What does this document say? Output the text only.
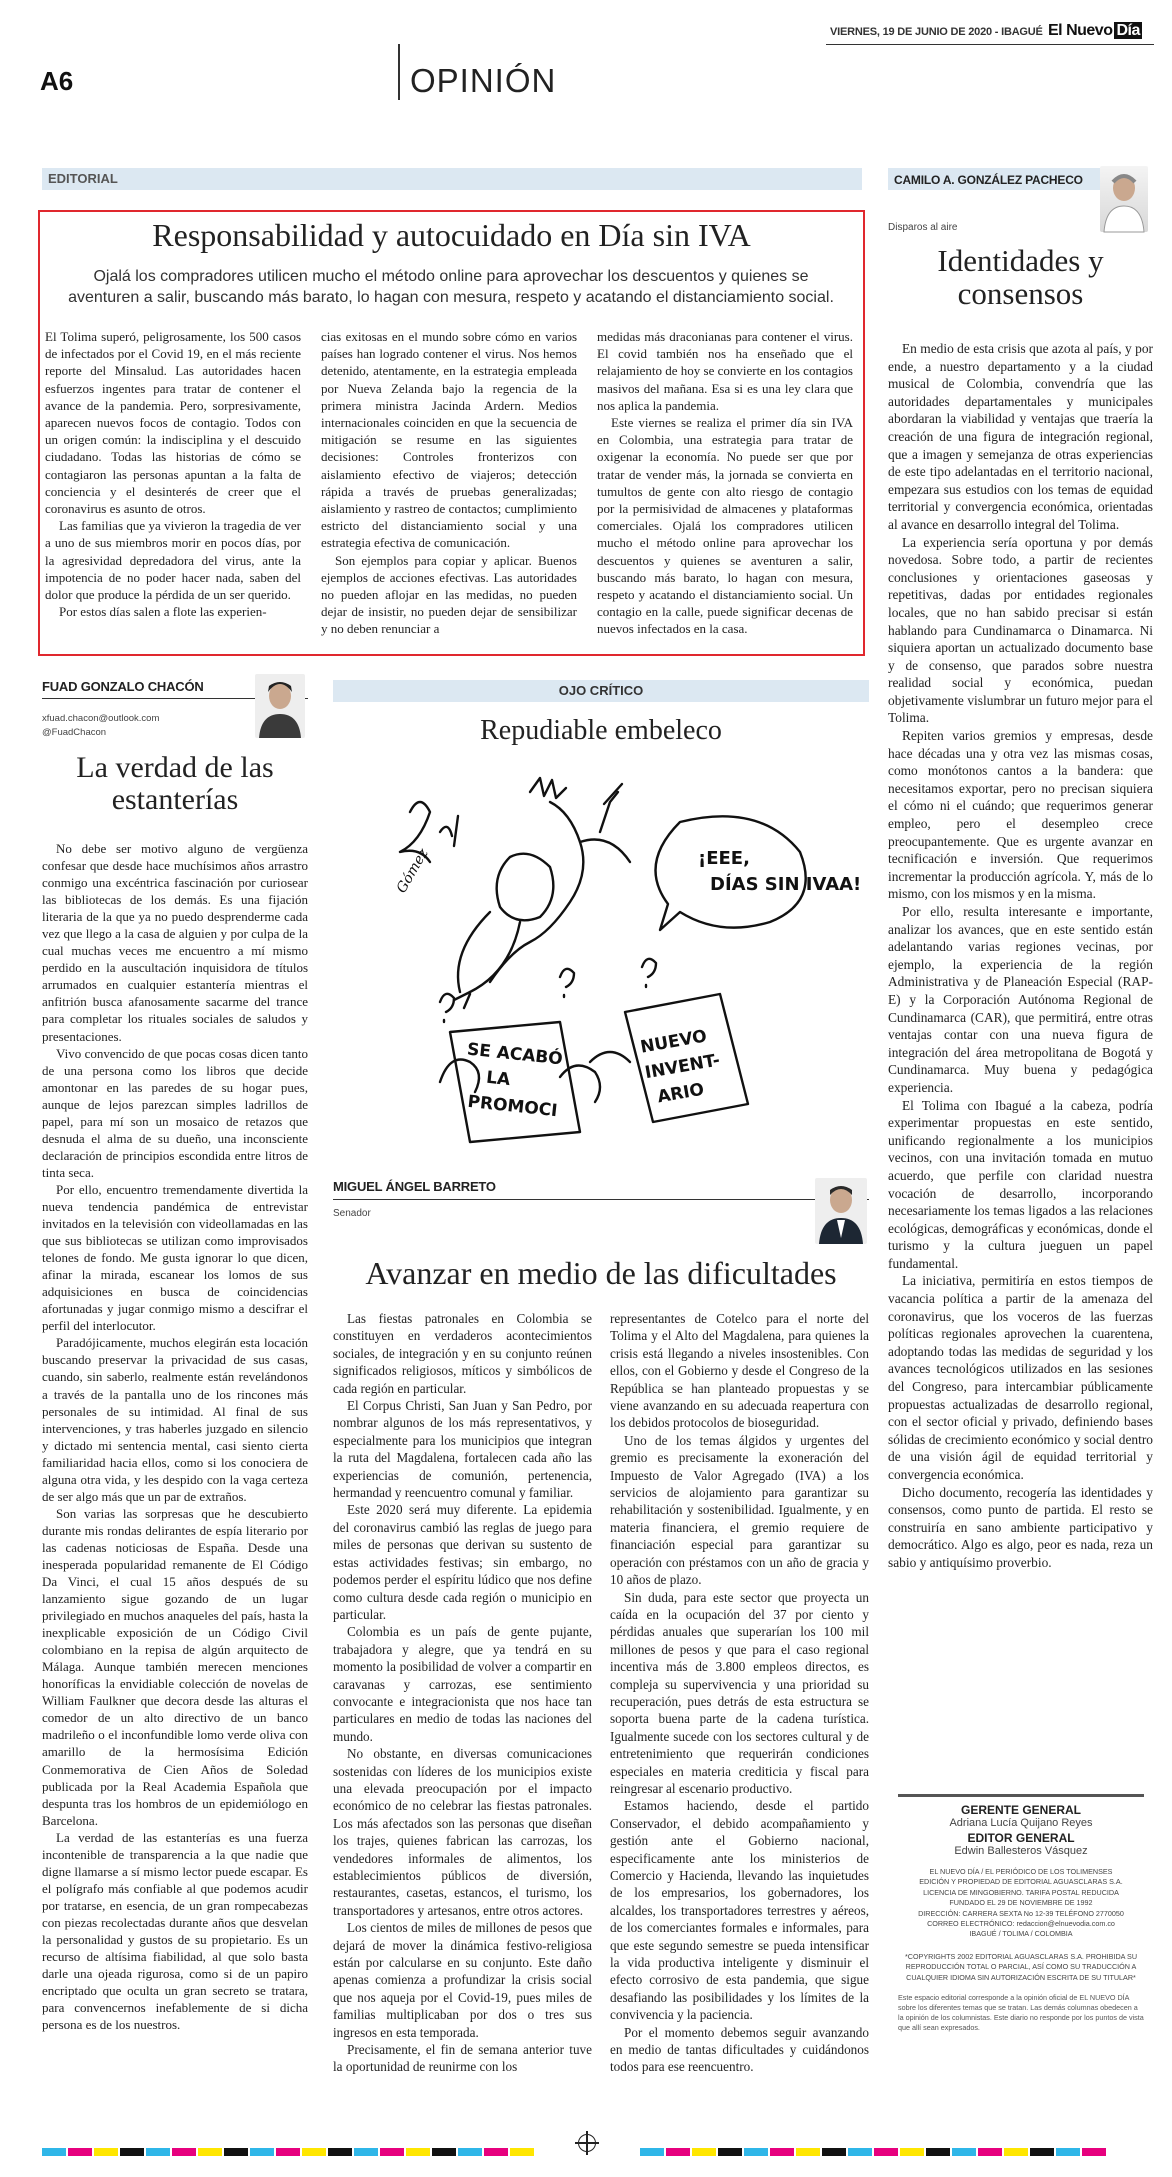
VIERNES, 19 DE JUNIO DE 2020 - IBAGUÉ El Nuevo Día
A6	OPINIÓN
EDITORIAL
Responsabilidad y autocuidado en Día sin IVA
Ojalá los compradores utilicen mucho el método online para aprovechar los descuentos y quienes se aventuren a salir, buscando más barato, lo hagan con mesura, respeto y acatando el distanciamiento social.

El Tolima superó, peligrosamente, los 500 casos de infectados por el Covid 19, en el más reciente reporte del Minsalud. Las autoridades hacen esfuerzos ingentes para tratar de contener el avance de la pandemia. Pero, sorpresivamente, aparecen nuevos focos de contagio. Todos con un origen común: la indisciplina y el descuido ciudadano. Todas las historias de cómo se contagiaron las personas apuntan a la falta de conciencia y el desinterés de creer que el coronavirus es asunto de otros.

Las familias que ya vivieron la tragedia de ver a uno de sus miembros morir en pocos días, por la agresividad depredadora del virus, ante la impotencia de no poder hacer nada, saben del dolor que produce la pérdida de un ser querido.

Por estos días salen a flote las experien-

cias exitosas en el mundo sobre cómo en varios países han logrado contener el virus. Nos hemos detenido, atentamente, en la estrategia empleada por Nueva Zelanda bajo la regencia de la primera ministra Jacinda Ardern. Medios internacionales coinciden en que la secuencia de mitigación se resume en las siguientes decisiones: Controles fronterizos con aislamiento efectivo de viajeros; detección rápida a través de pruebas generalizadas; aislamiento y rastreo de contactos; cumplimiento estricto del distanciamiento social y una estrategia efectiva de comunicación.

Son ejemplos para copiar y aplicar. Buenos ejemplos de acciones efectivas. Las autoridades no pueden aflojar en las medidas, no pueden dejar de insistir, no pueden dejar de sensibilizar y no deben renunciar a

medidas más draconianas para contener el virus. El covid también nos ha enseñado que el relajamiento de hoy se convierte en los contagios masivos del mañana. Esa si es una ley clara que nos aplica la pandemia.

Este viernes se realiza el primer día sin IVA en Colombia, una estrategia para tratar de oxigenar la economía. No puede ser que por tratar de vender más, la jornada se convierta en tumultos de gente con alto riesgo de contagio por la permisividad de almacenes y plataformas comerciales. Ojalá los compradores utilicen mucho el método online para aprovechar los descuentos y quienes se aventuren a salir, buscando más barato, lo hagan con mesura, respeto y acatando el distanciamiento social. Un contagio en la calle, puede significar decenas de nuevos infectados en la casa.

CAMILO A. GONZÁLEZ PACHECO
Disparos al aire
Identidades y consensos

En medio de esta crisis que azota al país, y por ende, a nuestro departamento y a la ciudad musical de Colombia, convendría que las autoridades departamentales y municipales abordaran la viabilidad y ventajas que traería la creación de una figura de integración regional, que a imagen y semejanza de otras experiencias de este tipo adelantadas en el territorio nacional, empezara sus estudios con los temas de equidad territorial y convergencia económica, orientadas al avance en desarrollo integral del Tolima.

La experiencia sería oportuna y por demás novedosa. Sobre todo, a partir de recientes conclusiones y orientaciones gaseosas y repetitivas, dadas por entidades regionales locales, que no han sabido precisar si están hablando para Cundinamarca o Dinamarca. Ni siquiera aportan un actualizado documento base y de consenso, que parados sobre nuestra realidad social y económica, puedan objetivamente vislumbrar un futuro mejor para el Tolima.

Repiten varios gremios y empresas, desde hace décadas una y otra vez las mismas cosas, como monótonos cantos a la bandera: que necesitamos exportar, pero no precisan siquiera el cómo ni el cuándo; que requerimos generar empleo, pero el desempleo crece preocupantemente. Que es urgente avanzar en tecnificación e inversión. Que requerimos incrementar la producción agrícola. Y, más de lo mismo, con los mismos y en la misma.

Por ello, resulta interesante e importante, analizar los avances, que en este sentido están adelantando varias regiones vecinas, por ejemplo, la experiencia de la región Administrativa y de Planeación Especial (RAP-E) y la Corporación Autónoma Regional de Cundinamarca (CAR), que permitirá, entre otras ventajas contar con una nueva figura de integración del área metropolitana de Bogotá y Cundinamarca. Muy buena y pedagógica experiencia.

El Tolima con Ibagué a la cabeza, podría experimentar propuestas en este sentido, unificando regionalmente a los municipios vecinos, con una invitación tomada en mutuo acuerdo, que perfile con claridad nuestra vocación de desarrollo, incorporando necesariamente los temas ligados a las relaciones ecológicas, demográficas y económicas, donde el turismo y la cultura jueguen un papel fundamental.

La iniciativa, permitiría en estos tiempos de vacancia política a partir de la amenaza del coronavirus, que los voceros de las fuerzas políticas regionales aprovechen la cuarentena, adoptando todas las medidas de seguridad y los avances tecnológicos utilizados en las sesiones del Congreso, para intercambiar públicamente propuestas actualizadas de desarrollo regional, con el sector oficial y privado, definiendo bases sólidas de crecimiento económico y social dentro de una visión ágil de equidad territorial y convergencia económica.

Dicho documento, recogería las identidades y consensos, como punto de partida. El resto se construiría en sano ambiente participativo y democrático. Algo es algo, peor es nada, reza un sabio y antiquísimo proverbio.

GERENTE GENERAL
Adriana Lucía Quijano Reyes
EDITOR GENERAL
Edwin Ballesteros Vásquez
EL NUEVO DÍA / EL PERIÓDICO DE LOS TOLIMENSES
EDICIÓN Y PROPIEDAD DE EDITORIAL AGUASCLARAS S.A.
LICENCIA DE MINGOBIERNO. TARIFA POSTAL REDUCIDA
FUNDADO EL 29 DE NOVIEMBRE DE 1992
DIRECCIÓN: CARRERA SEXTA No 12-39 TELÉFONO 2770050
CORREO ELECTRÓNICO: redaccion@elnuevodia.com.co
IBAGUÉ / TOLIMA / COLOMBIA
*COPYRIGHTS 2002 EDITORIAL AGUASCLARAS S.A. PROHIBIDA SU REPRODUCCIÓN TOTAL O PARCIAL, ASÍ COMO SU TRADUCCIÓN A CUALQUIER IDIOMA SIN AUTORIZACIÓN ESCRITA DE SU TITULAR*
Este espacio editorial corresponde a la opinión oficial de EL NUEVO DÍA sobre los diferentes temas que se tratan. Las demás columnas obedecen a la opinión de los columnistas. Este diario no responde por los puntos de vista que allí sean expresados.
FUAD GONZALO CHACÓN
xfuad.chacon@outlook.com
@FuadChacon
La verdad de las estanterías

No debe ser motivo alguno de vergüenza confesar que desde hace muchísimos años arrastro conmigo una excéntrica fascinación por curiosear las bibliotecas de los demás. Es una fijación literaria de la que ya no puedo desprenderme cada vez que llego a la casa de alguien y por culpa de la cual muchas veces me encuentro a mí mismo perdido en la auscultación inquisidora de títulos arrumados en cualquier estantería mientras el anfitrión busca afanosamente sacarme del trance para completar los rituales sociales de saludos y presentaciones.

Vivo convencido de que pocas cosas dicen tanto de una persona como los libros que decide amontonar en las paredes de su hogar pues, aunque de lejos parezcan simples ladrillos de papel, para mí son un mosaico de retazos que desnuda el alma de su dueño, una inconsciente declaración de principios escondida entre litros de tinta seca.

Por ello, encuentro tremendamente divertida la nueva tendencia pandémica de entrevistar invitados en la televisión con videollamadas en las que sus bibliotecas se utilizan como improvisados telones de fondo. Me gusta ignorar lo que dicen, afinar la mirada, escanear los lomos de sus adquisiciones en busca de coincidencias afortunadas y jugar conmigo mismo a descifrar el perfil del interlocutor.

Paradójicamente, muchos elegirán esta locación buscando preservar la privacidad de sus casas, cuando, sin saberlo, realmente están revelándonos a través de la pantalla uno de los rincones más personales de su intimidad. Al final de sus intervenciones, y tras haberles juzgado en silencio y dictado mi sentencia mental, casi siento cierta familiaridad hacia ellos, como si los conociera de alguna otra vida, y les despido con la vaga certeza de ser algo más que un par de extraños.

Son varias las sorpresas que he descubierto durante mis rondas delirantes de espía literario por las cadenas noticiosas de España. Desde una inesperada popularidad remanente de El Código Da Vinci, el cual 15 años después de su lanzamiento sigue gozando de un lugar privilegiado en muchos anaqueles del país, hasta la inexplicable exposición de un Código Civil colombiano en la repisa de algún arquitecto de Málaga. Aunque también merecen menciones honoríficas la envidiable colección de novelas de William Faulkner que decora desde las alturas el comedor de un alto directivo de un banco madrileño o el inconfundible lomo verde oliva con amarillo de la hermosísima Edición Conmemorativa de Cien Años de Soledad publicada por la Real Academia Española que despunta tras los hombros de un epidemiólogo en Barcelona.

La verdad de las estanterías es una fuerza incontenible de transparencia a la que nadie que digne llamarse a sí mismo lector puede escapar. Es el polígrafo más confiable al que podemos acudir por tratarse, en esencia, de un gran rompecabezas con piezas recolectadas durante años que desvelan la personalidad y gustos de su propietario. Es un recurso de altísima fiabilidad, al que solo basta darle una ojeada rigurosa, como si de un papiro encriptado que oculta un gran secreto se tratara, para convencernos inefablemente de si dicha persona es de los nuestros.

OJO CRÍTICO
Repudiable embeleco
¡EEE, DÍAS SIN IVAA!
SE ACABÓ LA PROMOCI
NUEVO INVENT- ARIO
Gómez
MIGUEL ÁNGEL BARRETO
Senador
Avanzar en medio de las dificultades

Las fiestas patronales en Colombia se constituyen en verdaderos acontecimientos sociales, de integración y en su conjunto reúnen significados religiosos, míticos y simbólicos de cada región en particular.

El Corpus Christi, San Juan y San Pedro, por nombrar algunos de los más representativos, y especialmente para los municipios que integran la ruta del Magdalena, fortalecen cada año las experiencias de comunión, pertenencia, hermandad y reencuentro comunal y familiar.

Este 2020 será muy diferente. La epidemia del coronavirus cambió las reglas de juego para miles de personas que derivan su sustento de estas actividades festivas; sin embargo, no podemos perder el espíritu lúdico que nos define como cultura desde cada región o municipio en particular.

Colombia es un país de gente pujante, trabajadora y alegre, que ya tendrá en su momento la posibilidad de volver a compartir en caravanas y carrozas, ese sentimiento convocante e integracionista que nos hace tan particulares en medio de todas las naciones del mundo.

No obstante, en diversas comunicaciones sostenidas con líderes de los municipios existe una elevada preocupación por el impacto económico de no celebrar las fiestas patronales. Los más afectados son las personas que diseñan los trajes, quienes fabrican las carrozas, los vendedores informales de alimentos, los establecimientos públicos de diversión, restaurantes, casetas, estancos, el turismo, los transportadores y artesanos, entre otros actores.

Los cientos de miles de millones de pesos que dejará de mover la dinámica festivo-religiosa están por calcularse en su conjunto. Este daño apenas comienza a profundizar la crisis social que nos aqueja por el Covid-19, pues miles de familias multiplicaban por dos o tres sus ingresos en esta temporada.

Precisamente, el fin de semana anterior tuve la oportunidad de reunirme con los

representantes de Cotelco para el norte del Tolima y el Alto del Magdalena, para quienes la crisis está llegando a niveles insostenibles. Con ellos, con el Gobierno y desde el Congreso de la República se han planteado propuestas y se viene avanzando en su adecuada reapertura con los debidos protocolos de bioseguridad.

Uno de los temas álgidos y urgentes del gremio es precisamente la exoneración del Impuesto de Valor Agregado (IVA) a los servicios de alojamiento para garantizar su rehabilitación y sostenibilidad. Igualmente, y en materia financiera, el gremio requiere de financiación especial para garantizar su operación con préstamos con un año de gracia y 10 años de plazo.

Sin duda, para este sector que proyecta un caída en la ocupación del 37 por ciento y pérdidas anuales que superarían los 100 mil millones de pesos y que para el caso regional incentiva más de 3.800 empleos directos, es compleja su supervivencia y una prioridad su recuperación, pues detrás de esta estructura se soporta buena parte de la cadena turística. Igualmente sucede con los sectores cultural y de entretenimiento que requerirán condiciones especiales en materia crediticia y fiscal para reingresar al escenario productivo.

Estamos haciendo, desde el partido Conservador, el debido acompañamiento y gestión ante el Gobierno nacional, especificamente ante los ministerios de Comercio y Hacienda, llevando las inquietudes de los empresarios, los gobernadores, los alcaldes, los transportadores terrestres y aéreos, de los comerciantes formales e informales, para que este segundo semestre se pueda intensificar la vida productiva inteligente y disminuir el efecto corrosivo de esta pandemia, que sigue desafiando las posibilidades y los límites de la convivencia y la paciencia.

Por el momento debemos seguir avanzando en medio de tantas dificultades y cuidándonos todos para ese reencuentro.
